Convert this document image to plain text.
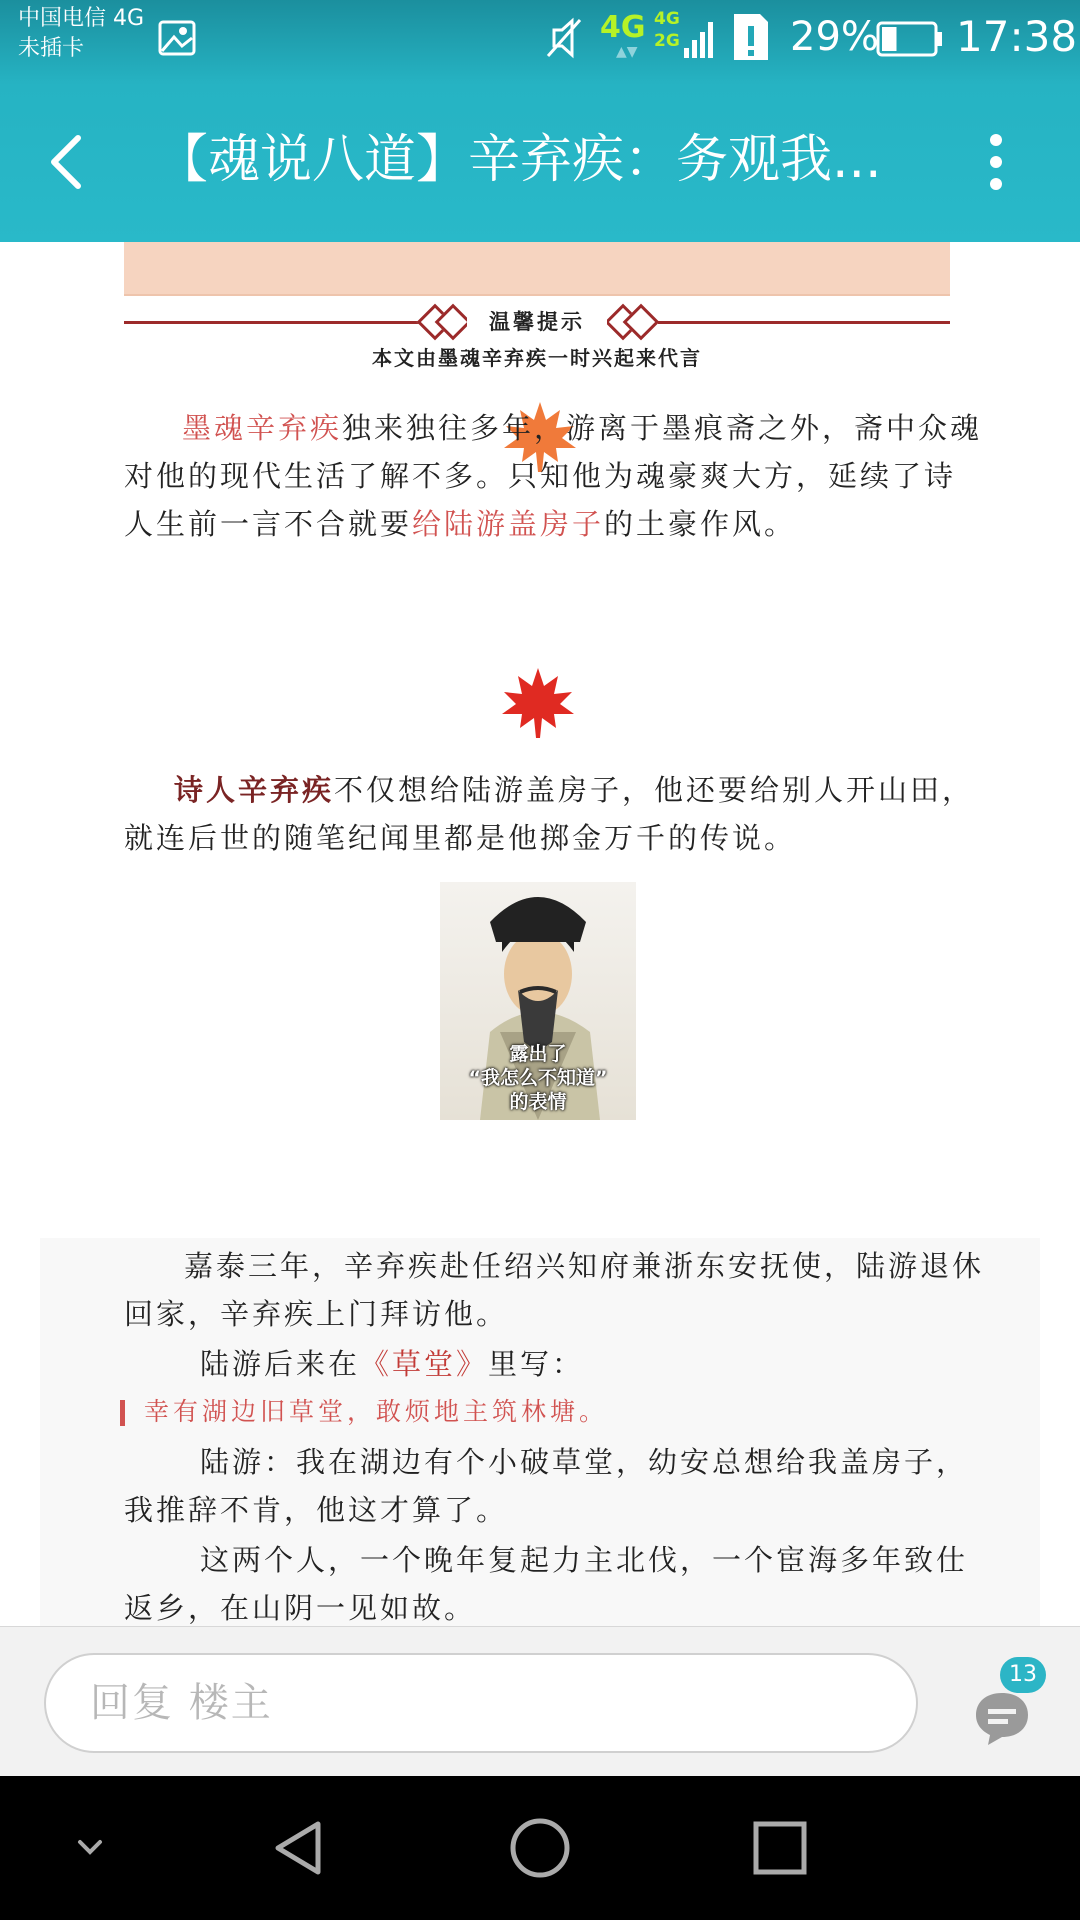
中国电信 4G
未插卡
4G
▲▼
4G
2G	29% 17:38
【魂说八道】辛弃疾：务观我...
温馨提示
本文由墨魂辛弃疾一时兴起来代言
墨魂辛弃疾独来独往多年，游离于墨痕斋之外，斋中众魂对他的现代生活了解不多。只知他为魂豪爽大方，延续了诗人生前一言不合就要给陆游盖房子的土豪作风。
诗人辛弃疾不仅想给陆游盖房子，他还要给别人开山田，就连后世的随笔纪闻里都是他掷金万千的传说。
露出了
“我怎么不知道”
的表情
嘉泰三年，辛弃疾赴任绍兴知府兼浙东安抚使，陆游退休回家，辛弃疾上门拜访他。
陆游后来在《草堂》里写：
幸有湖边旧草堂，敢烦地主筑林塘。
陆游：我在湖边有个小破草堂，幼安总想给我盖房子，我推辞不肯，他这才算了。
这两个人，一个晚年复起力主北伐，一个宦海多年致仕返乡，在山阴一见如故。
回复 楼主
13
